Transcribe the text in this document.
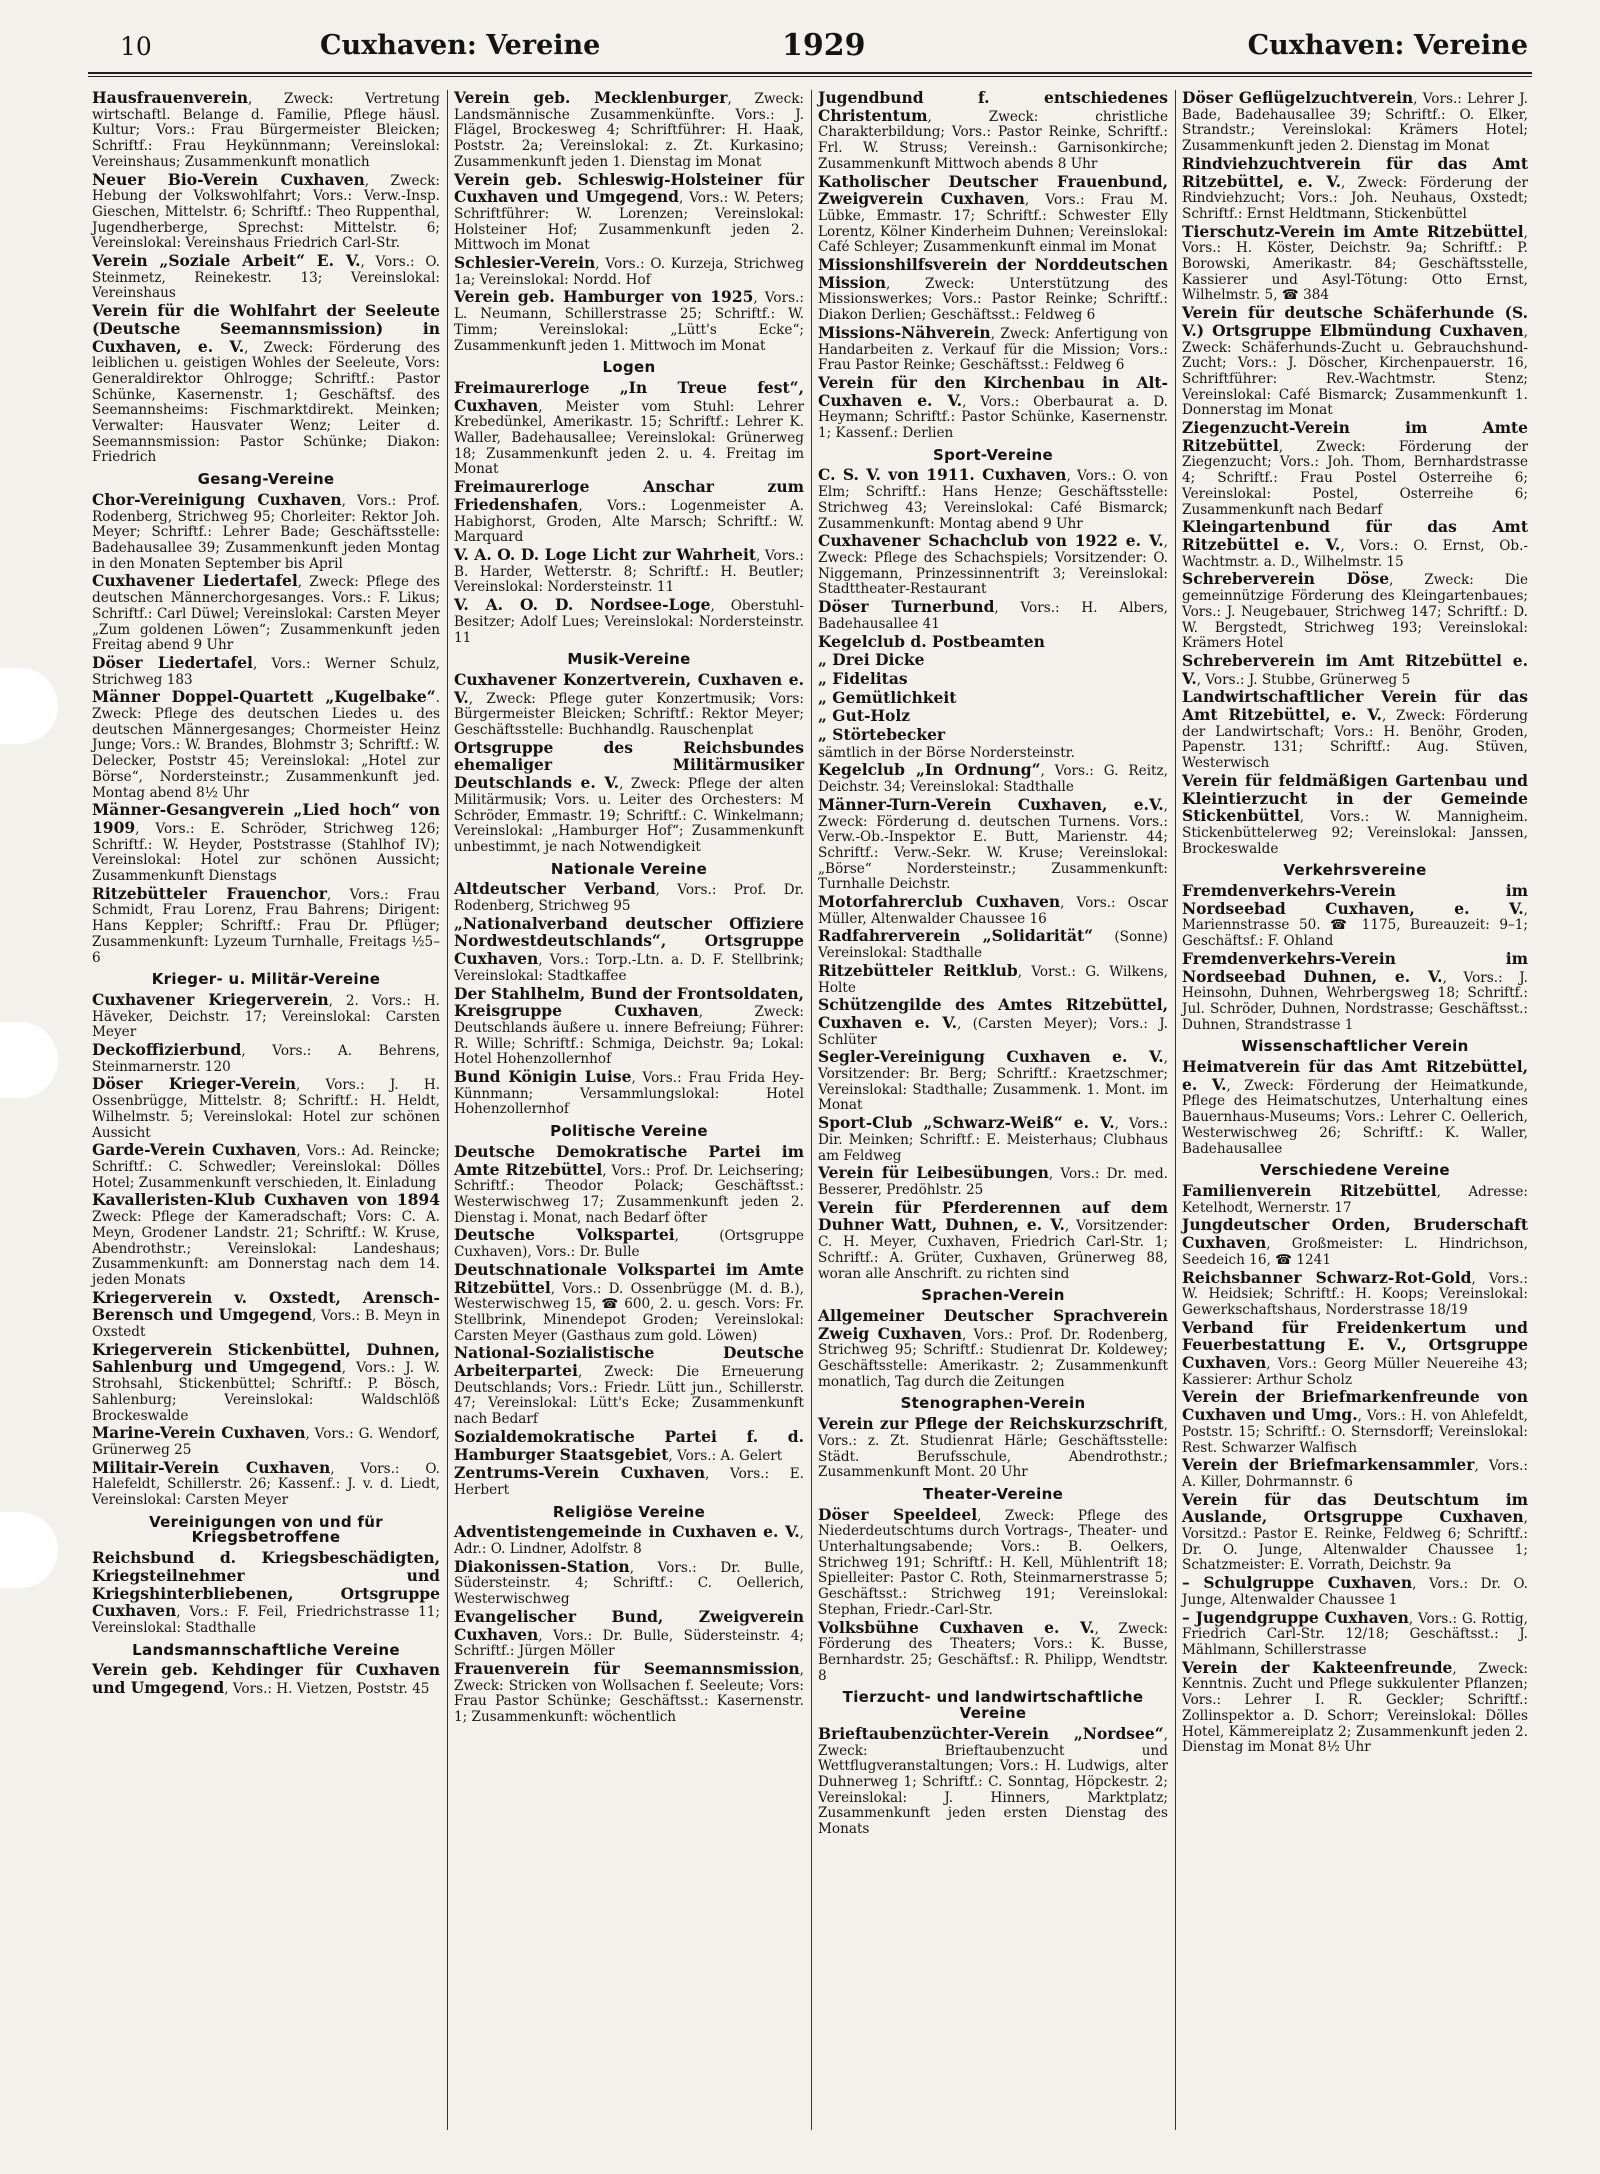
10	Cuxhaven: Vereine	1929	Cuxhaven: Vereine

Hausfrauenverein, Zweck: Vertretung wirtschaftl. Belange d. Familie, Pflege häusl. Kultur; Vors.: Frau Bürgermeister Bleicken; Schriftf.: Frau Heykünnmann; Vereinslokal: Vereinshaus; Zusammenkunft monatlich

Neuer Bio-Verein Cuxhaven, Zweck: Hebung der Volkswohlfahrt; Vors.: Verw.-Insp. Gieschen, Mittelstr. 6; Schriftf.: Theo Ruppenthal, Jugendherberge, Sprechst: Mittelstr. 6; Vereinslokal: Vereinshaus Friedrich Carl-Str.

Verein „Soziale Arbeit“ E. V., Vors.: O. Steinmetz, Reinekestr. 13; Vereinslokal: Vereinshaus

Verein für die Wohlfahrt der Seeleute (Deutsche Seemannsmission) in Cuxhaven, e. V., Zweck: Förderung des leiblichen u. geistigen Wohles der Seeleute, Vors: Generaldirektor Ohlrogge; Schriftf.: Pastor Schünke, Kasernenstr. 1; Geschäftsf. des Seemannsheims: Fischmarktdirekt. Meinken; Verwalter: Hausvater Wenz; Leiter d. Seemannsmission: Pastor Schünke; Diakon: Friedrich

Gesang-Vereine

Chor-Vereinigung Cuxhaven, Vors.: Prof. Rodenberg, Strichweg 95; Chorleiter: Rektor Joh. Meyer; Schriftf.: Lehrer Bade; Geschäftsstelle: Badehausallee 39; Zusammenkunft jeden Montag in den Monaten September bis April

Cuxhavener Liedertafel, Zweck: Pflege des deutschen Männerchorgesanges. Vors.: F. Likus; Schriftf.: Carl Düwel; Vereinslokal: Carsten Meyer „Zum goldenen Löwen“; Zusammenkunft jeden Freitag abend 9 Uhr

Döser Liedertafel, Vors.: Werner Schulz, Strichweg 183

Männer Doppel-Quartett „Kugelbake“. Zweck: Pflege des deutschen Liedes u. des deutschen Männergesanges; Chormeister Heinz Junge; Vors.: W. Brandes, Blohmstr 3; Schriftf.: W. Delecker, Poststr 45; Vereinslokal: „Hotel zur Börse“, Nordersteinstr.; Zusammenkunft jed. Montag abend 8½ Uhr

Männer-Gesangverein „Lied hoch“ von 1909, Vors.: E. Schröder, Strichweg 126; Schriftf.: W. Heyder, Poststrasse (Stahlhof IV); Vereinslokal: Hotel zur schönen Aussicht; Zusammenkunft Dienstags

Ritzebütteler Frauenchor, Vors.: Frau Schmidt, Frau Lorenz, Frau Bahrens; Dirigent: Hans Keppler; Schriftf.: Frau Dr. Pflüger; Zusammenkunft: Lyzeum Turnhalle, Freitags ½5–6

Krieger- u. Militär-Vereine

Cuxhavener Kriegerverein, 2. Vors.: H. Häveker, Deichstr. 17; Vereinslokal: Carsten Meyer

Deckoffizierbund, Vors.: A. Behrens, Steinmarnerstr. 120

Döser Krieger-Verein, Vors.: J. H. Ossenbrügge, Mittelstr. 8; Schriftf.: H. Heldt, Wilhelmstr. 5; Vereinslokal: Hotel zur schönen Aussicht

Garde-Verein Cuxhaven, Vors.: Ad. Reincke; Schriftf.: C. Schwedler; Vereinslokal: Dölles Hotel; Zusammenkunft verschieden, lt. Einladung

Kavalleristen-Klub Cuxhaven von 1894 Zweck: Pflege der Kameradschaft; Vors: C. A. Meyn, Grodener Landstr. 21; Schriftf.: W. Kruse, Abendrothstr.; Vereinslokal: Landeshaus; Zusammenkunft: am Donnerstag nach dem 14. jeden Monats

Kriegerverein v. Oxstedt, Arensch-Berensch und Umgegend, Vors.: B. Meyn in Oxstedt

Kriegerverein Stickenbüttel, Duhnen, Sahlenburg und Umgegend, Vors.: J. W. Strohsahl, Stickenbüttel; Schriftf.: P. Bösch, Sahlenburg; Vereinslokal: Waldschlöß Brockeswalde

Marine-Verein Cuxhaven, Vors.: G. Wendorf, Grünerweg 25

Militair-Verein Cuxhaven, Vors.: O. Halefeldt, Schillerstr. 26; Kassenf.: J. v. d. Liedt, Vereinslokal: Carsten Meyer

Vereinigungen von und für Kriegsbetroffene

Reichsbund d. Kriegsbeschädigten, Kriegsteilnehmer und Kriegshinterbliebenen, Ortsgruppe Cuxhaven, Vors.: F. Feil, Friedrichstrasse 11; Vereinslokal: Stadthalle

Landsmannschaftliche Vereine

Verein geb. Kehdinger für Cuxhaven und Umgegend, Vors.: H. Vietzen, Poststr. 45

Verein geb. Mecklenburger, Zweck: Landsmännische Zusammenkünfte. Vors.: J. Flägel, Brockesweg 4; Schriftführer: H. Haak, Poststr. 2a; Vereinslokal: z. Zt. Kurkasino; Zusammenkunft jeden 1. Dienstag im Monat

Verein geb. Schleswig-Holsteiner für Cuxhaven und Umgegend, Vors.: W. Peters; Schriftführer: W. Lorenzen; Vereinslokal: Holsteiner Hof; Zusammenkunft jeden 2. Mittwoch im Monat

Schlesier-Verein, Vors.: O. Kurzeja, Strichweg 1a; Vereinslokal: Nordd. Hof

Verein geb. Hamburger von 1925, Vors.: L. Neumann, Schillerstrasse 25; Schriftf.: W. Timm; Vereinslokal: „Lütt's Ecke“; Zusammenkunft jeden 1. Mittwoch im Monat

Logen

Freimaurerloge „In Treue fest“, Cuxhaven, Meister vom Stuhl: Lehrer Krebedünkel, Amerikastr. 15; Schriftf.: Lehrer K. Waller, Badehausallee; Vereinslokal: Grünerweg 18; Zusammenkunft jeden 2. u. 4. Freitag im Monat

Freimaurerloge Anschar zum Friedenshafen, Vors.: Logenmeister A. Habighorst, Groden, Alte Marsch; Schriftf.: W. Marquard

V. A. O. D. Loge Licht zur Wahrheit, Vors.: B. Harder, Wetterstr. 8; Schriftf.: H. Beutler; Vereinslokal: Nordersteinstr. 11

V. A. O. D. Nordsee-Loge, Oberstuhl-Besitzer; Adolf Lues; Vereinslokal: Nordersteinstr. 11

Musik-Vereine

Cuxhavener Konzertverein, Cuxhaven e. V., Zweck: Pflege guter Konzertmusik; Vors: Bürgermeister Bleicken; Schriftf.: Rektor Meyer; Geschäftsstelle: Buchhandlg. Rauschenplat

Ortsgruppe des Reichsbundes ehemaliger Militärmusiker Deutschlands e. V., Zweck: Pflege der alten Militärmusik; Vors. u. Leiter des Orchesters: M Schröder, Emmastr. 19; Schriftf.: C. Winkelmann; Vereinslokal: „Hamburger Hof“; Zusammenkunft unbestimmt, je nach Notwendigkeit

Nationale Vereine

Altdeutscher Verband, Vors.: Prof. Dr. Rodenberg, Strichweg 95

„Nationalverband deutscher Offiziere Nordwestdeutschlands“, Ortsgruppe Cuxhaven, Vors.: Torp.-Ltn. a. D. F. Stellbrink; Vereinslokal: Stadtkaffee

Der Stahlhelm, Bund der Frontsoldaten, Kreisgruppe Cuxhaven, Zweck: Deutschlands äußere u. innere Befreiung; Führer: R. Wille; Schriftf.: Schmiga, Deichstr. 9a; Lokal: Hotel Hohenzollernhof

Bund Königin Luise, Vors.: Frau Frida Hey-Künnmann; Versammlungslokal: Hotel Hohenzollernhof

Politische Vereine

Deutsche Demokratische Partei im Amte Ritzebüttel, Vors.: Prof. Dr. Leichsering; Schriftf.: Theodor Polack; Geschäftsst.: Westerwischweg 17; Zusammenkunft jeden 2. Dienstag i. Monat, nach Bedarf öfter

Deutsche Volkspartei, (Ortsgruppe Cuxhaven), Vors.: Dr. Bulle

Deutschnationale Volkspartei im Amte Ritzebüttel, Vors.: D. Ossenbrügge (M. d. B.), Westerwischweg 15, ☎ 600, 2. u. gesch. Vors: Fr. Stellbrink, Minendepot Groden; Vereinslokal: Carsten Meyer (Gasthaus zum gold. Löwen)

National-Sozialistische Deutsche Arbeiterpartei, Zweck: Die Erneuerung Deutschlands; Vors.: Friedr. Lütt jun., Schillerstr. 47; Vereinslokal: Lütt's Ecke; Zusammenkunft nach Bedarf

Sozialdemokratische Partei f. d. Hamburger Staatsgebiet, Vors.: A. Gelert

Zentrums-Verein Cuxhaven, Vors.: E. Herbert

Religiöse Vereine

Adventistengemeinde in Cuxhaven e. V., Adr.: O. Lindner, Adolfstr. 8

Diakonissen-Station, Vors.: Dr. Bulle, Südersteinstr. 4; Schriftf.: C. Oellerich, Westerwischweg

Evangelischer Bund, Zweigverein Cuxhaven, Vors.: Dr. Bulle, Südersteinstr. 4; Schriftf.: Jürgen Möller

Frauenverein für Seemannsmission, Zweck: Stricken von Wollsachen f. Seeleute; Vors: Frau Pastor Schünke; Geschäftsst.: Kasernenstr. 1; Zusammenkunft: wöchentlich

Jugendbund f. entschiedenes Christentum, Zweck: christliche Charakterbildung; Vors.: Pastor Reinke, Schriftf.: Frl. W. Struss; Vereinsh.: Garnisonkirche; Zusammenkunft Mittwoch abends 8 Uhr

Katholischer Deutscher Frauenbund, Zweigverein Cuxhaven, Vors.: Frau M. Lübke, Emmastr. 17; Schriftf.: Schwester Elly Lorentz, Kölner Kinderheim Duhnen; Vereinslokal: Café Schleyer; Zusammenkunft einmal im Monat

Missionshilfsverein der Norddeutschen Mission, Zweck: Unterstützung des Missionswerkes; Vors.: Pastor Reinke; Schriftf.: Diakon Derlien; Geschäftsst.: Feldweg 6

Missions-Nähverein, Zweck: Anfertigung von Handarbeiten z. Verkauf für die Mission; Vors.: Frau Pastor Reinke; Geschäftsst.: Feldweg 6

Verein für den Kirchenbau in Alt-Cuxhaven e. V., Vors.: Oberbaurat a. D. Heymann; Schriftf.: Pastor Schünke, Kasernenstr. 1; Kassenf.: Derlien

Sport-Vereine

C. S. V. von 1911. Cuxhaven, Vors.: O. von Elm; Schriftf.: Hans Henze; Geschäftsstelle: Strichweg 43; Vereinslokal: Café Bismarck; Zusammenkunft: Montag abend 9 Uhr

Cuxhavener Schachclub von 1922 e. V., Zweck: Pflege des Schachspiels; Vorsitzender: O. Niggemann, Prinzessinnentrift 3; Vereinslokal: Stadttheater-Restaurant

Döser Turnerbund, Vors.: H. Albers, Badehausallee 41

Kegelclub d. Postbeamten

„ Drei Dicke

„ Fidelitas

„ Gemütlichkeit

„ Gut-Holz

„ Störtebecker

sämtlich in der Börse Nordersteinstr.

Kegelclub „In Ordnung“, Vors.: G. Reitz, Deichstr. 34; Vereinslokal: Stadthalle

Männer-Turn-Verein Cuxhaven, e.V., Zweck: Förderung d. deutschen Turnens. Vors.: Verw.-Ob.-Inspektor E. Butt, Marienstr. 44; Schriftf.: Verw.-Sekr. W. Kruse; Vereinslokal: „Börse“ Nordersteinstr.; Zusammenkunft: Turnhalle Deichstr.

Motorfahrerclub Cuxhaven, Vors.: Oscar Müller, Altenwalder Chaussee 16

Radfahrerverein „Solidarität“ (Sonne) Vereinslokal: Stadthalle

Ritzebütteler Reitklub, Vorst.: G. Wilkens, Holte

Schützengilde des Amtes Ritzebüttel, Cuxhaven e. V., (Carsten Meyer); Vors.: J. Schlüter

Segler-Vereinigung Cuxhaven e. V., Vorsitzender: Br. Berg; Schriftf.: Kraetzschmer; Vereinslokal: Stadthalle; Zusammenk. 1. Mont. im Monat

Sport-Club „Schwarz-Weiß“ e. V., Vors.: Dir. Meinken; Schriftf.: E. Meisterhaus; Clubhaus am Feldweg

Verein für Leibesübungen, Vors.: Dr. med. Besserer, Predöhlstr. 25

Verein für Pferderennen auf dem Duhner Watt, Duhnen, e. V., Vorsitzender: C. H. Meyer, Cuxhaven, Friedrich Carl-Str. 1; Schriftf.: A. Grüter, Cuxhaven, Grünerweg 88, woran alle Anschrift. zu richten sind

Sprachen-Verein

Allgemeiner Deutscher Sprachverein Zweig Cuxhaven, Vors.: Prof. Dr. Rodenberg, Strichweg 95; Schriftf.: Studienrat Dr. Koldewey; Geschäftsstelle: Amerikastr. 2; Zusammenkunft monatlich, Tag durch die Zeitungen

Stenographen-Verein

Verein zur Pflege der Reichskurzschrift, Vors.: z. Zt. Studienrat Härle; Geschäftsstelle: Städt. Berufsschule, Abendrothstr.; Zusammenkunft Mont. 20 Uhr

Theater-Vereine

Döser Speeldeel, Zweck: Pflege des Niederdeutschtums durch Vortrags-, Theater- und Unterhaltungsabende; Vors.: B. Oelkers, Strichweg 191; Schriftf.: H. Kell, Mühlentrift 18; Spielleiter: Pastor C. Roth, Steinmarnerstrasse 5; Geschäftsst.: Strichweg 191; Vereinslokal: Stephan, Friedr.-Carl-Str.

Volksbühne Cuxhaven e. V., Zweck: Förderung des Theaters; Vors.: K. Busse, Bernhardstr. 25; Geschäftsf.: R. Philipp, Wendtstr. 8

Tierzucht- und landwirtschaftliche Vereine

Brieftaubenzüchter-Verein „Nordsee“, Zweck: Brieftaubenzucht und Wettflugveranstaltungen; Vors.: H. Ludwigs, alter Duhnerweg 1; Schriftf.: C. Sonntag, Höpckestr. 2; Vereinslokal: J. Hinners, Marktplatz; Zusammenkunft jeden ersten Dienstag des Monats

Döser Geflügelzuchtverein, Vors.: Lehrer J. Bade, Badehausallee 39; Schriftf.: O. Elker, Strandstr.; Vereinslokal: Krämers Hotel; Zusammenkunft jeden 2. Dienstag im Monat

Rindviehzuchtverein für das Amt Ritzebüttel, e. V., Zweck: Förderung der Rindviehzucht; Vors.: Joh. Neuhaus, Oxstedt; Schriftf.: Ernst Heldtmann, Stickenbüttel

Tierschutz-Verein im Amte Ritzebüttel, Vors.: H. Köster, Deichstr. 9a; Schriftf.: P. Borowski, Amerikastr. 84; Geschäftsstelle, Kassierer und Asyl-Tötung: Otto Ernst, Wilhelmstr. 5, ☎ 384

Verein für deutsche Schäferhunde (S. V.) Ortsgruppe Elbmündung Cuxhaven, Zweck: Schäferhunds-Zucht u. Gebrauchshund-Zucht; Vors.: J. Döscher, Kirchenpauerstr. 16, Schriftführer: Rev.-Wachtmstr. Stenz; Vereinslokal: Café Bismarck; Zusammenkunft 1. Donnerstag im Monat

Ziegenzucht-Verein im Amte Ritzebüttel, Zweck: Förderung der Ziegenzucht; Vors.: Joh. Thom, Bernhardstrasse 4; Schriftf.: Frau Postel Osterreihe 6; Vereinslokal: Postel, Osterreihe 6; Zusammenkunft nach Bedarf

Kleingartenbund für das Amt Ritzebüttel e. V., Vors.: O. Ernst, Ob.-Wachtmstr. a. D., Wilhelmstr. 15

Schreberverein Döse, Zweck: Die gemeinnützige Förderung des Kleingartenbaues; Vors.: J. Neugebauer, Strichweg 147; Schriftf.: D. W. Bergstedt, Strichweg 193; Vereinslokal: Krämers Hotel

Schreberverein im Amt Ritzebüttel e. V., Vors.: J. Stubbe, Grünerweg 5

Landwirtschaftlicher Verein für das Amt Ritzebüttel, e. V., Zweck: Förderung der Landwirtschaft; Vors.: H. Benöhr, Groden, Papenstr. 131; Schriftf.: Aug. Stüven, Westerwisch

Verein für feldmäßigen Gartenbau und Kleintierzucht in der Gemeinde Stickenbüttel, Vors.: W. Mannigheim. Stickenbüttelerweg 92; Vereinslokal: Janssen, Brockeswalde

Verkehrsvereine

Fremdenverkehrs-Verein im Nordseebad Cuxhaven, e. V., Mariennstrasse 50. ☎ 1175, Bureauzeit: 9–1; Geschäftsf.: F. Ohland

Fremdenverkehrs-Verein im Nordseebad Duhnen, e. V., Vors.: J. Heinsohn, Duhnen, Wehrbergsweg 18; Schriftf.: Jul. Schröder, Duhnen, Nordstrasse; Geschäftsst.: Duhnen, Strandstrasse 1

Wissenschaftlicher Verein

Heimatverein für das Amt Ritzebüttel, e. V., Zweck: Förderung der Heimatkunde, Pflege des Heimatschutzes, Unterhaltung eines Bauernhaus-Museums; Vors.: Lehrer C. Oellerich, Westerwischweg 26; Schriftf.: K. Waller, Badehausallee

Verschiedene Vereine

Familienverein Ritzebüttel, Adresse: Ketelhodt, Wernerstr. 17

Jungdeutscher Orden, Bruderschaft Cuxhaven, Großmeister: L. Hindrichson, Seedeich 16, ☎ 1241

Reichsbanner Schwarz-Rot-Gold, Vors.: W. Heidsiek; Schriftf.: H. Koops; Vereinslokal: Gewerkschaftshaus, Norderstrasse 18/19

Verband für Freidenkertum und Feuerbestattung E. V., Ortsgruppe Cuxhaven, Vors.: Georg Müller Neuereihe 43; Kassierer: Arthur Scholz

Verein der Briefmarkenfreunde von Cuxhaven und Umg., Vors.: H. von Ahlefeldt, Poststr. 15; Schriftf.: O. Sternsdorff; Vereinslokal: Rest. Schwarzer Walfisch

Verein der Briefmarkensammler, Vors.: A. Killer, Dohrmannstr. 6

Verein für das Deutschtum im Auslande, Ortsgruppe Cuxhaven, Vorsitzd.: Pastor E. Reinke, Feldweg 6; Schriftf.: Dr. O. Junge, Altenwalder Chaussee 1; Schatzmeister: E. Vorrath, Deichstr. 9a

– Schulgruppe Cuxhaven, Vors.: Dr. O. Junge, Altenwalder Chaussee 1

– Jugendgruppe Cuxhaven, Vors.: G. Rottig, Friedrich Carl-Str. 12/18; Geschäftsst.: J. Mählmann, Schillerstrasse

Verein der Kakteenfreunde, Zweck: Kenntnis. Zucht und Pflege sukkulenter Pflanzen; Vors.: Lehrer I. R. Geckler; Schriftf.: Zollinspektor a. D. Schorr; Vereinslokal: Dölles Hotel, Kämmereiplatz 2; Zusammenkunft jeden 2. Dienstag im Monat 8½ Uhr
